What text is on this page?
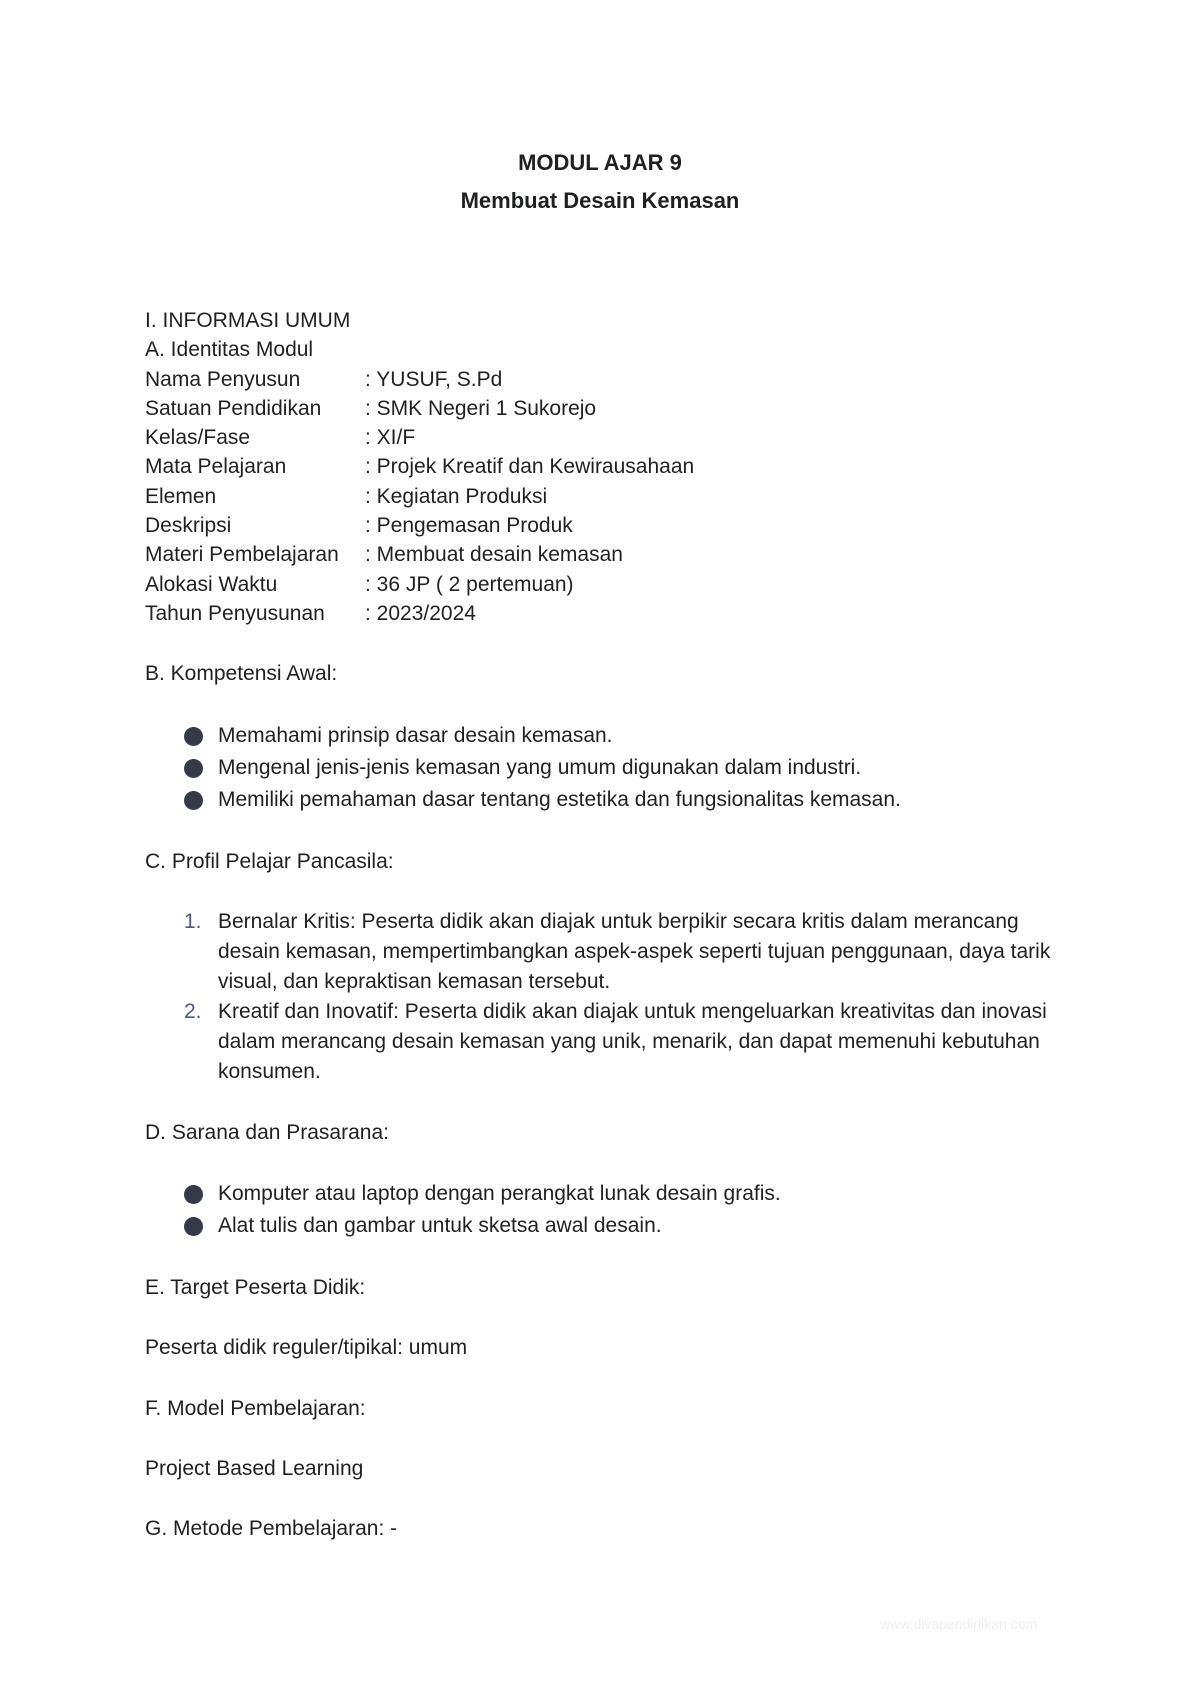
MODUL AJAR 9
Membuat Desain Kemasan
I. INFORMASI UMUM
A. Identitas Modul
Nama Penyusun	: YUSUF, S.Pd
Satuan Pendidikan	: SMK Negeri 1 Sukorejo
Kelas/Fase	: XI/F
Mata Pelajaran	: Projek Kreatif dan Kewirausahaan
Elemen	: Kegiatan Produksi
Deskripsi	: Pengemasan Produk
Materi Pembelajaran	: Membuat desain kemasan
Alokasi Waktu	: 36 JP ( 2 pertemuan)
Tahun Penyusunan	: 2023/2024
B. Kompetensi Awal:
Memahami prinsip dasar desain kemasan.
Mengenal jenis-jenis kemasan yang umum digunakan dalam industri.
Memiliki pemahaman dasar tentang estetika dan fungsionalitas kemasan.
C. Profil Pelajar Pancasila:
1. Bernalar Kritis: Peserta didik akan diajak untuk berpikir secara kritis dalam merancang desain kemasan, mempertimbangkan aspek-aspek seperti tujuan penggunaan, daya tarik visual, dan kepraktisan kemasan tersebut.
2. Kreatif dan Inovatif: Peserta didik akan diajak untuk mengeluarkan kreativitas dan inovasi dalam merancang desain kemasan yang unik, menarik, dan dapat memenuhi kebutuhan konsumen.
D. Sarana dan Prasarana:
Komputer atau laptop dengan perangkat lunak desain grafis.
Alat tulis dan gambar untuk sketsa awal desain.
E. Target Peserta Didik:
Peserta didik reguler/tipikal: umum
F. Model Pembelajaran:
Project Based Learning
G. Metode Pembelajaran: -
www.divapendidikan.com
